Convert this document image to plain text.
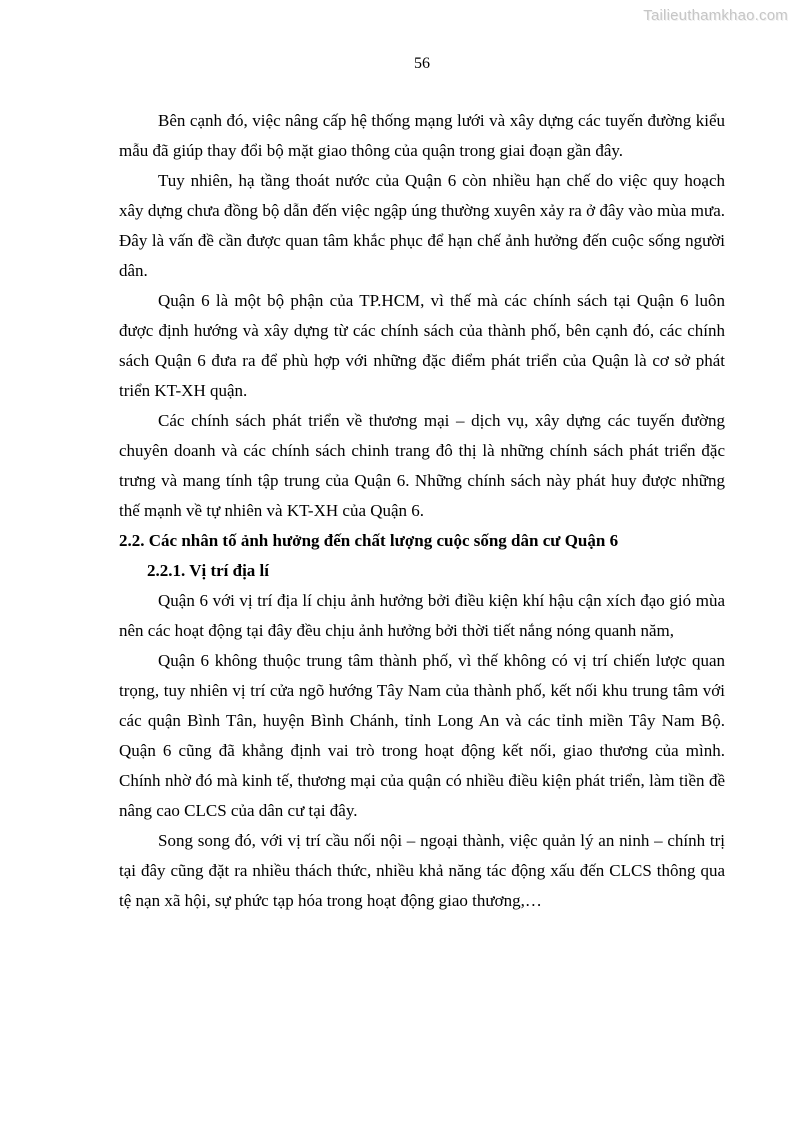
Tailieuthamkhao.com
56

Bên cạnh đó, việc nâng cấp hệ thống mạng lưới và xây dựng các tuyến đường kiểu mẫu đã giúp thay đổi bộ mặt giao thông của quận trong giai đoạn gần đây.

Tuy nhiên, hạ tầng thoát nước của Quận 6 còn nhiều hạn chế do việc quy hoạch xây dựng chưa đồng bộ dẫn đến việc ngập úng thường xuyên xảy ra ở đây vào mùa mưa. Đây là vấn đề cần được quan tâm khắc phục để hạn chế ảnh hưởng đến cuộc sống người dân.

Quận 6 là một bộ phận của TP.HCM, vì thế mà các chính sách tại Quận 6 luôn được định hướng và xây dựng từ các chính sách của thành phố, bên cạnh đó, các chính sách Quận 6 đưa ra để phù hợp với những đặc điểm phát triển của Quận là cơ sở phát triển KT-XH quận.

Các chính sách phát triển về thương mại – dịch vụ, xây dựng các tuyến đường chuyên doanh và các chính sách chinh trang đô thị là những chính sách phát triển đặc trưng và mang tính tập trung của Quận 6. Những chính sách này phát huy được những thế mạnh về tự nhiên và KT-XH của Quận 6.

2.2. Các nhân tố ảnh hưởng đến chất lượng cuộc sống dân cư Quận 6
2.2.1. Vị trí địa lí

Quận 6 với vị trí địa lí chịu ảnh hưởng bởi điều kiện khí hậu cận xích đạo gió mùa nên các hoạt động tại đây đều chịu ảnh hưởng bởi thời tiết nắng nóng quanh năm,

Quận 6 không thuộc trung tâm thành phố, vì thế không có vị trí chiến lược quan trọng, tuy nhiên vị trí cửa ngõ hướng Tây Nam của thành phố, kết nối khu trung tâm với các quận Bình Tân, huyện Bình Chánh, tỉnh Long An và các tỉnh miền Tây Nam Bộ. Quận 6 cũng đã khẳng định vai trò trong hoạt động kết nối, giao thương của mình. Chính nhờ đó mà kinh tế, thương mại của quận có nhiều điều kiện phát triển, làm tiền đề nâng cao CLCS của dân cư tại đây.

Song song đó, với vị trí cầu nối nội – ngoại thành, việc quản lý an ninh – chính trị tại đây cũng đặt ra nhiều thách thức, nhiều khả năng tác động xấu đến CLCS thông qua tệ nạn xã hội, sự phức tạp hóa trong hoạt động giao thương,…
